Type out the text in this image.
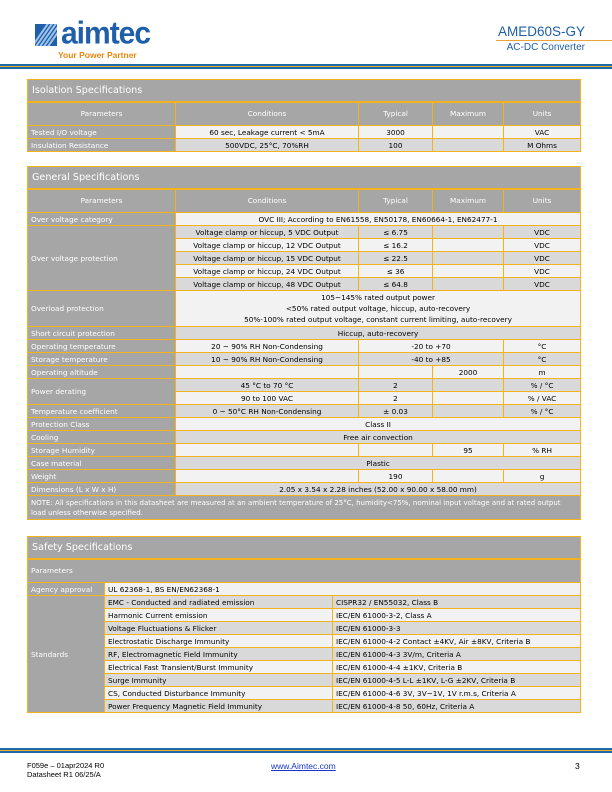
aimtec
Your Power Partner
AMED60S-GY
AC-DC Converter
Isolation Specifications				
Parameters	Conditions	Typical	Maximum	Units
Tested I/O voltage	60 sec, Leakage current < 5mA	3000		VAC
Insulation Resistance	500VDC, 25°C, 70%RH	100		M Ohms
General Specifications				
Parameters	Conditions	Typical	Maximum	Units
Over voltage category	OVC III; According to EN61558, EN50178, EN60664-1, EN62477-1			
Over voltage protection	Voltage clamp or hiccup, 5 VDC Output	≤ 6.75		VDC
	Voltage clamp or hiccup, 12 VDC Output	≤ 16.2		VDC
	Voltage clamp or hiccup, 15 VDC Output	≤ 22.5		VDC
	Voltage clamp or hiccup, 24 VDC Output	≤ 36		VDC
	Voltage clamp or hiccup, 48 VDC Output	≤ 64.8		VDC
Overload protection	105~145% rated output power
<50% rated output voltage, hiccup, auto-recovery
50%-100% rated output voltage, constant current limiting, auto-recovery			

Short circuit protection	Hiccup, auto-recovery			
Operating temperature	20 ~ 90% RH Non-Condensing	-20 to +70		°C
Storage temperature	10 ~ 90% RH Non-Condensing	-40 to +85		°C
Operating altitude			2000	m
Power derating	45 °C to 70 °C	2		% / °C
	90 to 100 VAC	2		% / VAC
Temperature coefficient	0 ~ 50°C RH Non-Condensing	± 0.03		% / °C
Protection Class	Class II			
Cooling	Free air convection			
Storage Humidity			95	% RH
Case material	Plastic			
Weight		190		g
Dimensions (L x W x H)	2.05 x 3.54 x 2.28 inches (52.00 x 90.00 x 58.00 mm)			
NOTE: All specifications in this datasheet are measured at an ambient temperature of 25°C, humidity<75%, nominal input voltage and at rated output load unless otherwise specified.				
Safety Specifications		
Parameters		
Agency approval	UL 62368-1, BS EN/EN62368-1	
Standards	EMC - Conducted and radiated emission	CISPR32 / EN55032, Class B
	Harmonic Current emission	IEC/EN 61000-3-2, Class A
	Voltage Fluctuations & Flicker	IEC/EN 61000-3-3
	Electrostatic Discharge Immunity	IEC/EN 61000-4-2 Contact ±4KV, Air ±8KV, Criteria B
	RF, Electromagnetic Field Immunity	IEC/EN 61000-4-3 3V/m, Criteria A
	Electrical Fast Transient/Burst Immunity	IEC/EN 61000-4-4 ±1KV, Criteria B
	Surge Immunity	IEC/EN 61000-4-5 L-L ±1KV, L-G ±2KV, Criteria B
	CS, Conducted Disturbance Immunity	IEC/EN 61000-4-6 3V, 3V~1V, 1V r.m.s, Criteria A
	Power Frequency Magnetic Field Immunity	IEC/EN 61000-4-8 50, 60Hz, Criteria A
F059e – 01apr2024 R0
Datasheet R1 06/25/A
www.Aimtec.com	3
